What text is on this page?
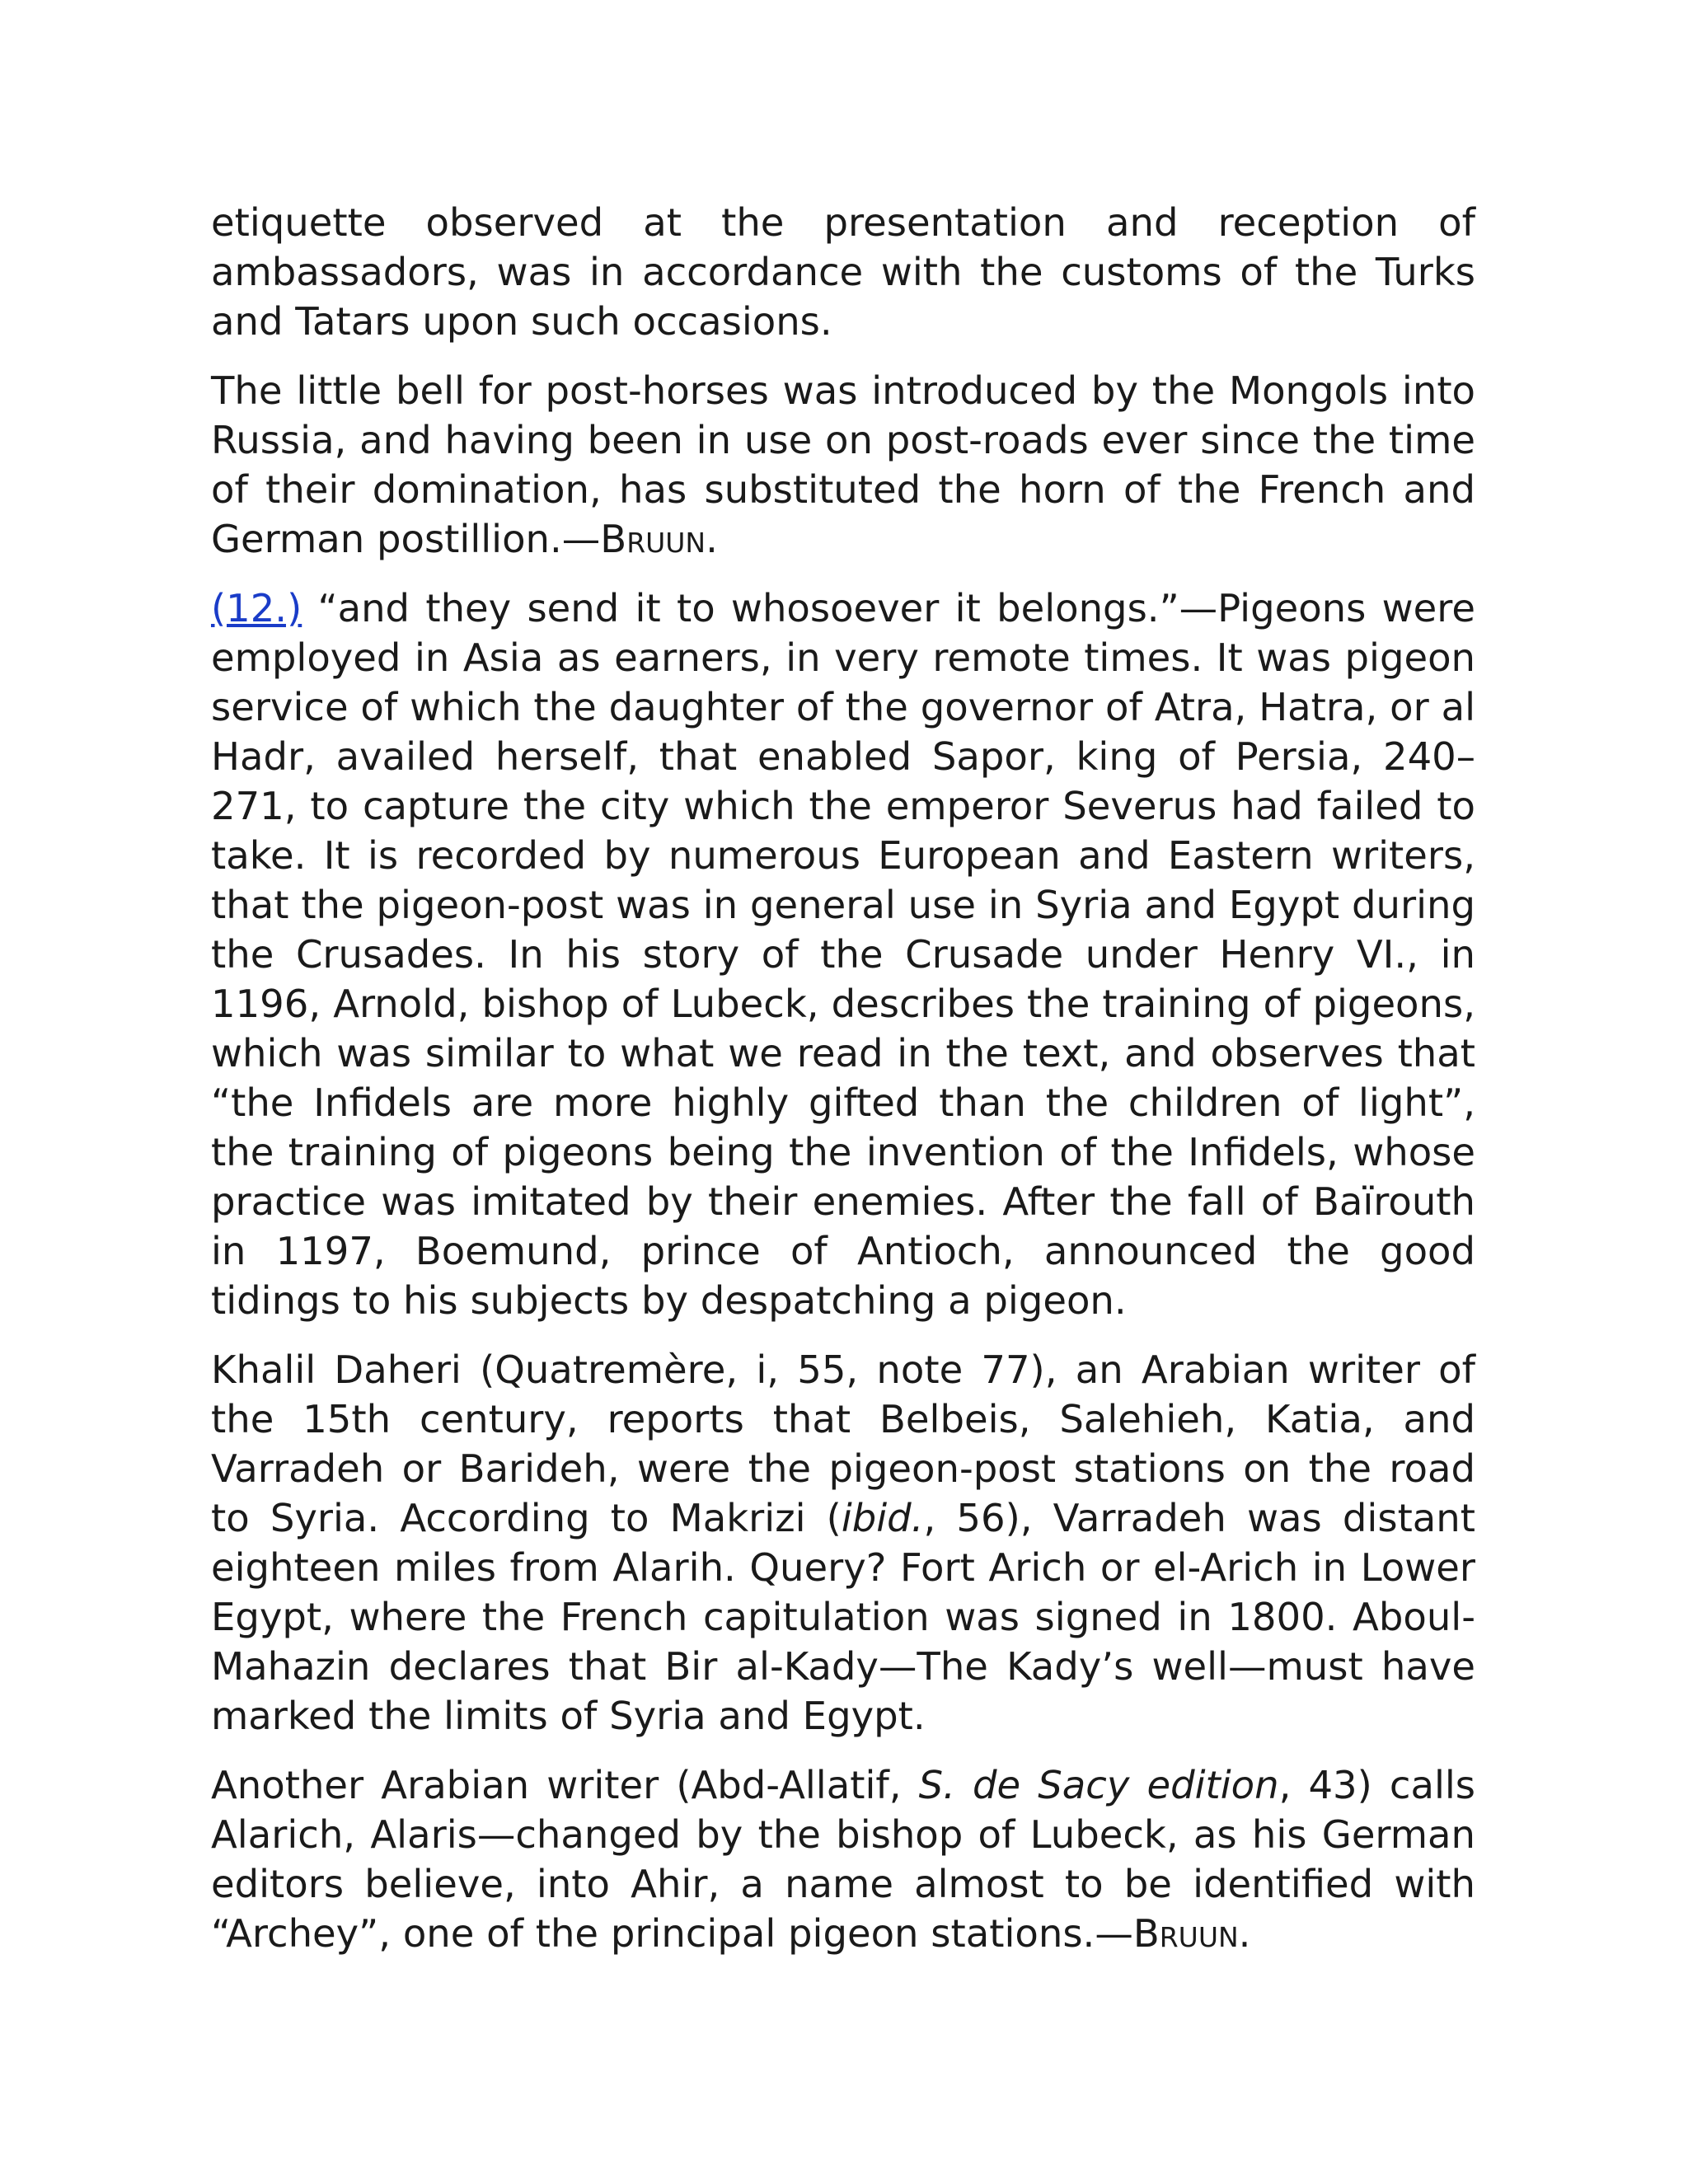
etiquette observed at the presentation and reception of ambassadors, was in accordance with the customs of the Turks and Tatars upon such occasions.

The little bell for post-horses was introduced by the Mongols into Russia, and having been in use on post-roads ever since the time of their domination, has substituted the horn of the French and German postillion.—Bruun.

(12.) “and they send it to whosoever it belongs.”—Pigeons were employed in Asia as earners, in very remote times. It was pigeon service of which the daughter of the governor of Atra, Hatra, or al Hadr, availed herself, that enabled Sapor, king of Persia, 240–271, to capture the city which the emperor Severus had failed to take. It is recorded by numerous European and Eastern writers, that the pigeon-post was in general use in Syria and Egypt during the Crusades. In his story of the Crusade under Henry VI., in 1196, Arnold, bishop of Lubeck, describes the training of pigeons, which was similar to what we read in the text, and observes that “the Infidels are more highly gifted than the children of light”, the training of pigeons being the invention of the Infidels, whose practice was imitated by their enemies. After the fall of Baïrouth in 1197, Boemund, prince of Antioch, announced the good tidings to his subjects by despatching a pigeon.

Khalil Daheri (Quatremère, i, 55, note 77), an Arabian writer of the 15th century, reports that Belbeis, Salehieh, Katia, and Varradeh or Barideh, were the pigeon-post stations on the road to Syria. According to Makrizi (ibid., 56), Varradeh was distant eighteen miles from Alarih. Query? Fort Arich or el-Arich in Lower Egypt, where the French capitulation was signed in 1800. Aboul-Mahazin declares that Bir al-Kady—The Kady’s well—must have marked the limits of Syria and Egypt.

Another Arabian writer (Abd-Allatif, S. de Sacy edition, 43) calls Alarich, Alaris—changed by the bishop of Lubeck, as his German editors believe, into Ahir, a name almost to be identified with “Archey”, one of the principal pigeon stations.—Bruun.
